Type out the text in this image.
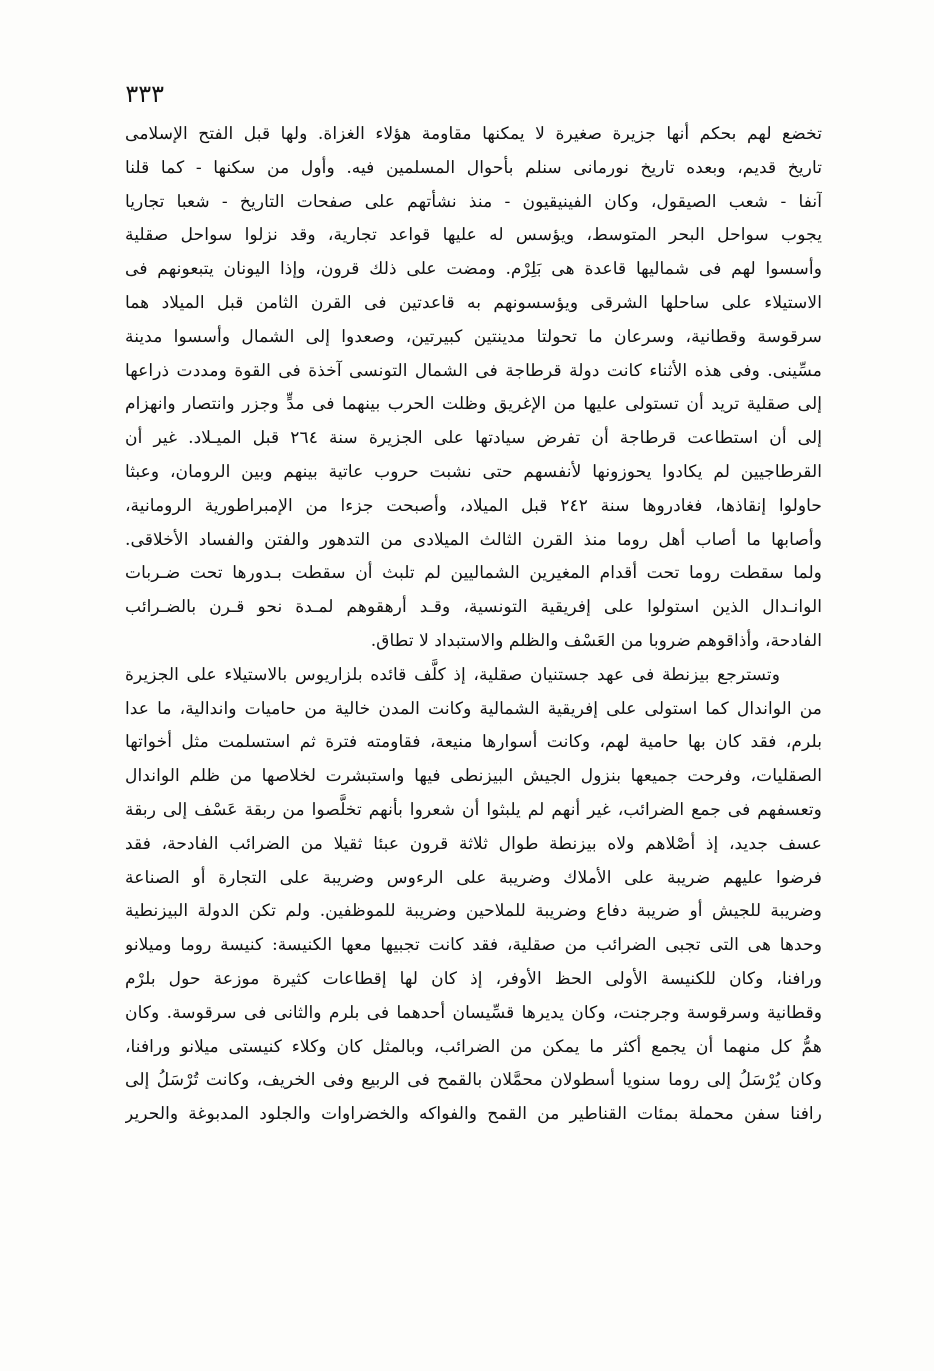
٣٣٣
تخضع لهم بحكم أنها جزيرة صغيرة لا يمكنها مقاومة هؤلاء الغزاة. ولها قبل الفتح الإسلامى
تاريخ قديم، وبعده تاريخ نورمانى سنلم بأحوال المسلمين فيه. وأول من سكنها - كما قلنا
آنفا - شعب الصيقول، وكان الفينيقيون - منذ نشأتهم على صفحات التاريخ - شعبا تجاريا
يجوب سواحل البحر المتوسط، ويؤسس له عليها قواعد تجارية، وقد نزلوا سواحل صقلية
وأسسوا لهم فى شماليها قاعدة هى بَلِرْم. ومضت على ذلك قرون، وإذا اليونان يتبعونهم فى
الاستيلاء على ساحلها الشرقى ويؤسسونهم به قاعدتين فى القرن الثامن قبل الميلاد هما
سرقوسة وقطانية، وسرعان ما تحولتا مدينتين كبيرتين، وصعدوا إلى الشمال وأسسوا مدينة
مسِّينى. وفى هذه الأثناء كانت دولة قرطاجة فى الشمال التونسى آخذة فى القوة ومددت ذراعها
إلى صقلية تريد أن تستولى عليها من الإغريق وظلت الحرب بينهما فى مدٍّ وجزر وانتصار وانهزام
إلى أن استطاعت قرطاجة أن تفرض سيادتها على الجزيرة سنة ٢٦٤ قبل الميـلاد. غير أن
القرطاجيين لم يكادوا يحوزونها لأنفسهم حتى نشبت حروب عاتية بينهم وبين الرومان، وعبثا
حاولوا إنقاذها، فغادروها سنة ٢٤٢ قبل الميلاد، وأصبحت جزءا من الإمبراطورية الرومانية،
وأصابها ما أصاب أهل روما منذ القرن الثالث الميلادى من التدهور والفتن والفساد الأخلاقى.
ولما سقطت روما تحت أقدام المغيرين الشماليين لم تلبث أن سقطت بـدورها تحت ضـربات
الوانـدال الذين استولوا على إفريقية التونسية، وقـد أرهقوهم لمـدة نحو قـرن بالضـرائب
الفادحة، وأذاقوهم ضروبا من العَسْف والظلم والاستبداد لا تطاق.
وتسترجع بيزنطة فى عهد جستنيان صقلية، إذ كلَّف قائده بلزاريوس بالاستيلاء على الجزيرة
من الواندال كما استولى على إفريقية الشمالية وكانت المدن خالية من حاميات واندالية، ما عدا
بلرم، فقد كان بها حامية لهم، وكانت أسوارها منيعة، فقاومته فترة ثم استسلمت مثل أخواتها
الصقليات، وفرحت جميعها بنزول الجيش البيزنطى فيها واستبشرت لخلاصها من ظلم الواندال
وتعسفهم فى جمع الضرائب، غير أنهم لم يلبثوا أن شعروا بأنهم تخلَّصوا من ربقة عَسْف إلى ربقة
عسف جديد، إذ أصْلاهم ولاه بيزنطة طوال ثلاثة قرون عبئا ثقيلا من الضرائب الفادحة، فقد
فرضوا عليهم ضريبة على الأملاك وضريبة على الرءوس وضريبة على التجارة أو الصناعة
وضريبة للجيش أو ضريبة دفاع وضريبة للملاحين وضريبة للموظفين. ولم تكن الدولة البيزنطية
وحدها هى التى تجبى الضرائب من صقلية، فقد كانت تجبيها معها الكنيسة: كنيسة روما وميلانو
ورافنا، وكان للكنيسة الأولى الحظ الأوفر، إذ كان لها إقطاعات كثيرة موزعة حول بلرْم
وقطانية وسرقوسة وجرجنت، وكان يديرها قسِّيسان أحدهما فى بلرم والثانى فى سرقوسة. وكان
همُّ كل منهما أن يجمع أكثر ما يمكن من الضرائب، وبالمثل كان وكلاء كنيستى ميلانو ورافنا،
وكان يُرْسَلُ إلى روما سنويا أسطولان محمَّلان بالقمح فى الربيع وفى الخريف، وكانت تُرْسَلُ إلى
رافنا سفن محملة بمئات القناطير من القمح والفواكه والخضراوات والجلود المدبوغة والحرير
